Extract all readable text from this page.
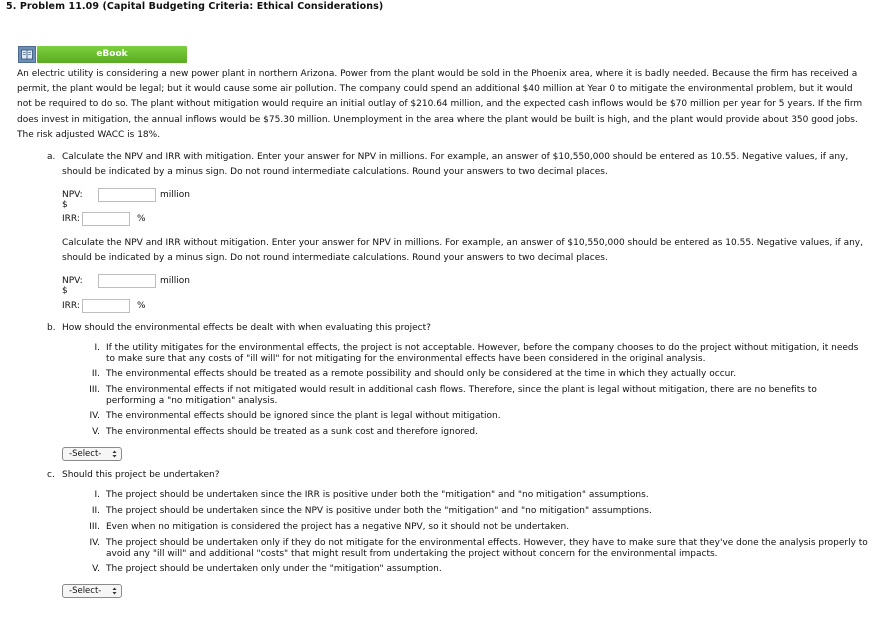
5. Problem 11.09 (Capital Budgeting Criteria: Ethical Considerations)
eBook
An electric utility is considering a new power plant in northern Arizona. Power from the plant would be sold in the Phoenix area, where it is badly needed. Because the firm has received a
permit, the plant would be legal; but it would cause some air pollution. The company could spend an additional $40 million at Year 0 to mitigate the environmental problem, but it would
not be required to do so. The plant without mitigation would require an initial outlay of $210.64 million, and the expected cash inflows would be $70 million per year for 5 years. If the firm
does invest in mitigation, the annual inflows would be $75.30 million. Unemployment in the area where the plant would be built is high, and the plant would provide about 350 good jobs.
The risk adjusted WACC is 18%.
a. Calculate the NPV and IRR with mitigation. Enter your answer for NPV in millions. For example, an answer of $10,550,000 should be entered as 10.55. Negative values, if any,
should be indicated by a minus sign. Do not round intermediate calculations. Round your answers to two decimal places.
NPV: $
million
IRR:	%
Calculate the NPV and IRR without mitigation. Enter your answer for NPV in millions. For example, an answer of $10,550,000 should be entered as 10.55. Negative values, if any,
should be indicated by a minus sign. Do not round intermediate calculations. Round your answers to two decimal places.
NPV: $
million
IRR:	%
b. How should the environmental effects be dealt with when evaluating this project?
I. If the utility mitigates for the environmental effects, the project is not acceptable. However, before the company chooses to do the project without mitigation, it needs
to make sure that any costs of "ill will" for not mitigating for the environmental effects have been considered in the original analysis.
II. The environmental effects should be treated as a remote possibility and should only be considered at the time in which they actually occur.
III. The environmental effects if not mitigated would result in additional cash flows. Therefore, since the plant is legal without mitigation, there are no benefits to
performing a "no mitigation" analysis.
IV. The environmental effects should be ignored since the plant is legal without mitigation.
V. The environmental effects should be treated as a sunk cost and therefore ignored.
-Select-
c. Should this project be undertaken?
I. The project should be undertaken since the IRR is positive under both the "mitigation" and "no mitigation" assumptions.
II. The project should be undertaken since the NPV is positive under both the "mitigation" and "no mitigation" assumptions.
III. Even when no mitigation is considered the project has a negative NPV, so it should not be undertaken.
IV. The project should be undertaken only if they do not mitigate for the environmental effects. However, they have to make sure that they've done the analysis properly to
avoid any "ill will" and additional "costs" that might result from undertaking the project without concern for the environmental impacts.
V. The project should be undertaken only under the "mitigation" assumption.
-Select-
